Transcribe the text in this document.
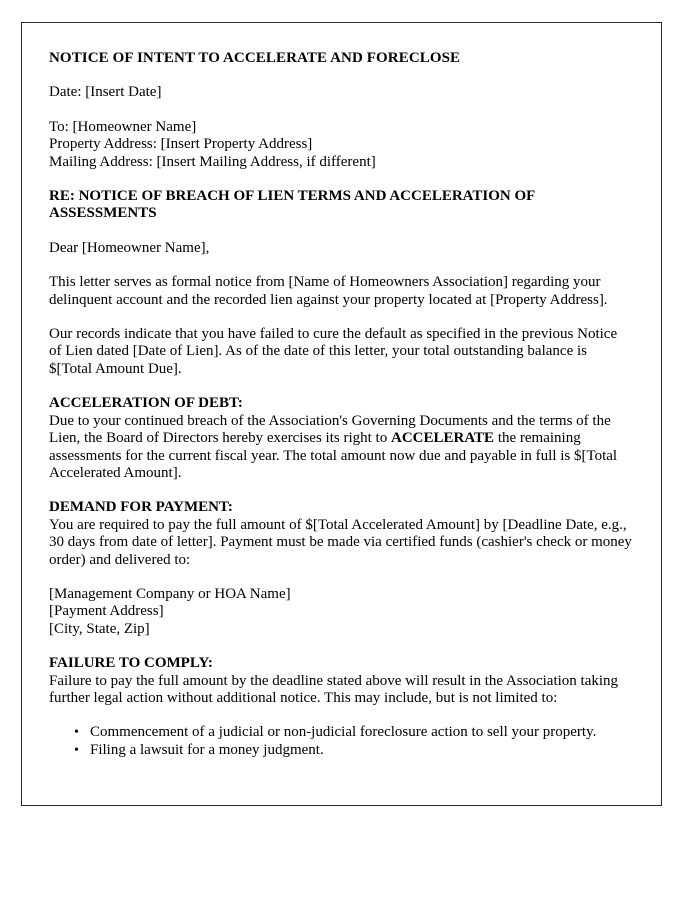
NOTICE OF INTENT TO ACCELERATE AND FORECLOSE
Date: [Insert Date]
To: [Homeowner Name]
Property Address: [Insert Property Address]
Mailing Address: [Insert Mailing Address, if different]
RE: NOTICE OF BREACH OF LIEN TERMS AND ACCELERATION OF ASSESSMENTS
Dear [Homeowner Name],
This letter serves as formal notice from [Name of Homeowners Association] regarding your delinquent account and the recorded lien against your property located at [Property Address].
Our records indicate that you have failed to cure the default as specified in the previous Notice of Lien dated [Date of Lien]. As of the date of this letter, your total outstanding balance is $[Total Amount Due].
ACCELERATION OF DEBT:
Due to your continued breach of the Association's Governing Documents and the terms of the Lien, the Board of Directors hereby exercises its right to ACCELERATE the remaining assessments for the current fiscal year. The total amount now due and payable in full is $[Total Accelerated Amount].
DEMAND FOR PAYMENT:
You are required to pay the full amount of $[Total Accelerated Amount] by [Deadline Date, e.g., 30 days from date of letter]. Payment must be made via certified funds (cashier's check or money order) and delivered to:
[Management Company or HOA Name]
[Payment Address]
[City, State, Zip]
FAILURE TO COMPLY:
Failure to pay the full amount by the deadline stated above will result in the Association taking further legal action without additional notice. This may include, but is not limited to:
• Commencement of a judicial or non-judicial foreclosure action to sell your property.
• Filing a lawsuit for a money judgment.
